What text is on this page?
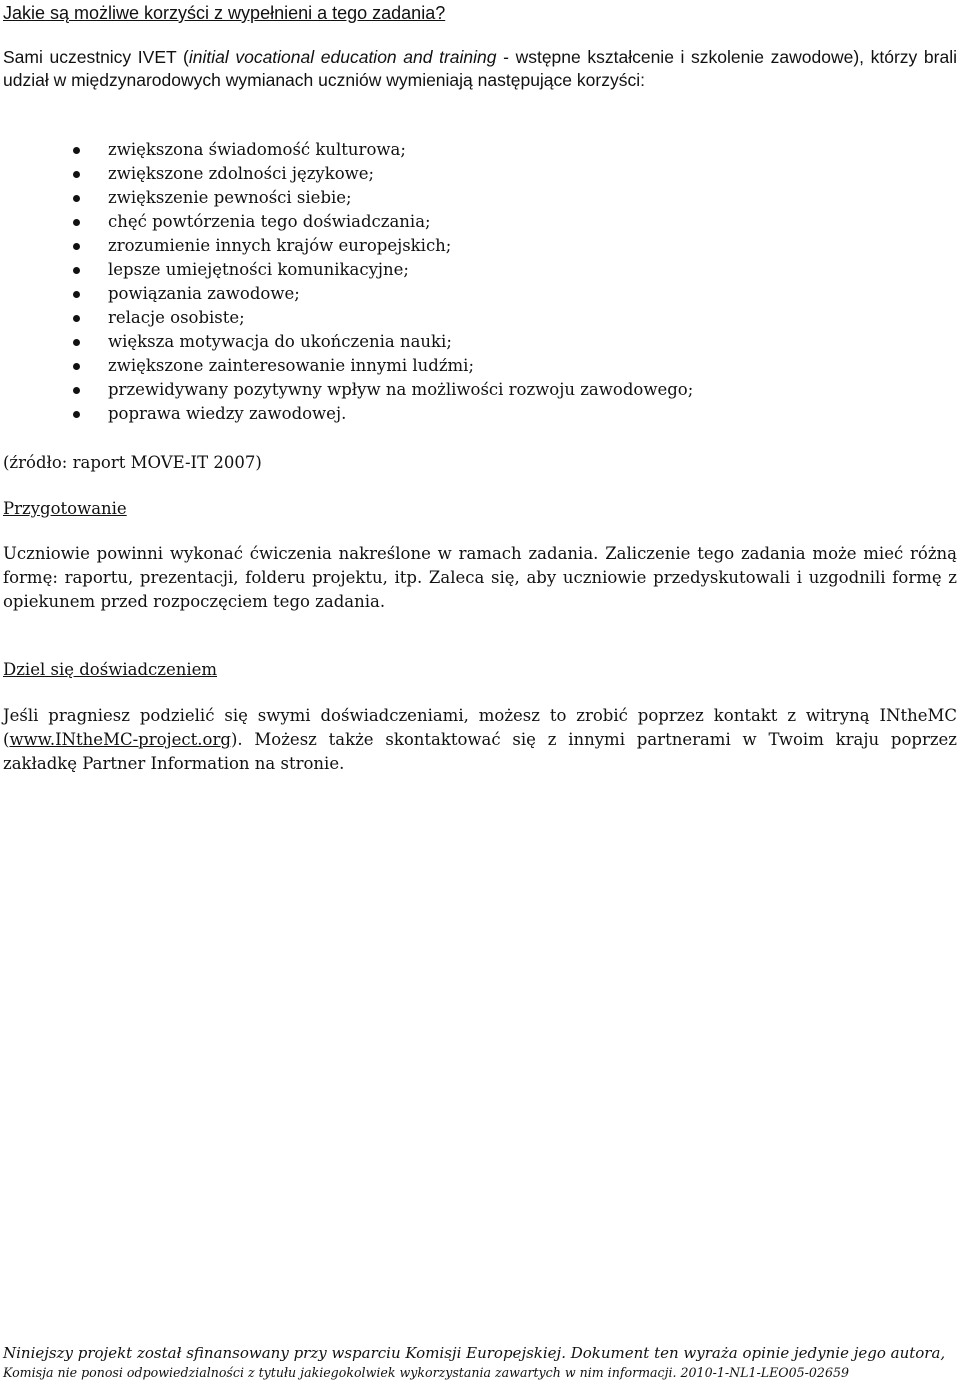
Jakie są możliwe korzyści z wypełnieni a tego zadania?
Sami uczestnicy IVET (initial vocational education and training - wstępne kształcenie i szkolenie zawodowe), którzy brali udział w międzynarodowych wymianach uczniów wymieniają następujące korzyści:
zwiększona świadomość kulturowa;
zwiększone zdolności językowe;
zwiększenie pewności siebie;
chęć powtórzenia tego doświadczania;
zrozumienie innych krajów europejskich;
lepsze umiejętności komunikacyjne;
powiązania zawodowe;
relacje osobiste;
większa motywacja do ukończenia nauki;
zwiększone zainteresowanie innymi ludźmi;
przewidywany pozytywny wpływ na możliwości rozwoju zawodowego;
poprawa wiedzy zawodowej.
(źródło: raport MOVE-IT 2007)
Przygotowanie
Uczniowie powinni wykonać ćwiczenia nakreślone w ramach zadania. Zaliczenie tego zadania może mieć różną formę: raportu, prezentacji, folderu projektu, itp. Zaleca się, aby uczniowie przedyskutowali i uzgodnili formę z opiekunem przed rozpoczęciem tego zadania.
Dziel się doświadczeniem
Jeśli pragniesz podzielić się swymi doświadczeniami, możesz to zrobić poprzez kontakt z witryną INtheMC (www.INtheMC-project.org). Możesz także skontaktować się z innymi partnerami w Twoim kraju poprzez zakładkę Partner Information na stronie.
Niniejszy projekt został sfinansowany przy wsparciu Komisji Europejskiej. Dokument ten wyraża opinie jedynie jego autora,
Komisja nie ponosi odpowiedzialności z tytułu jakiegokolwiek wykorzystania zawartych w nim informacji. 2010-1-NL1-LEO05-02659
